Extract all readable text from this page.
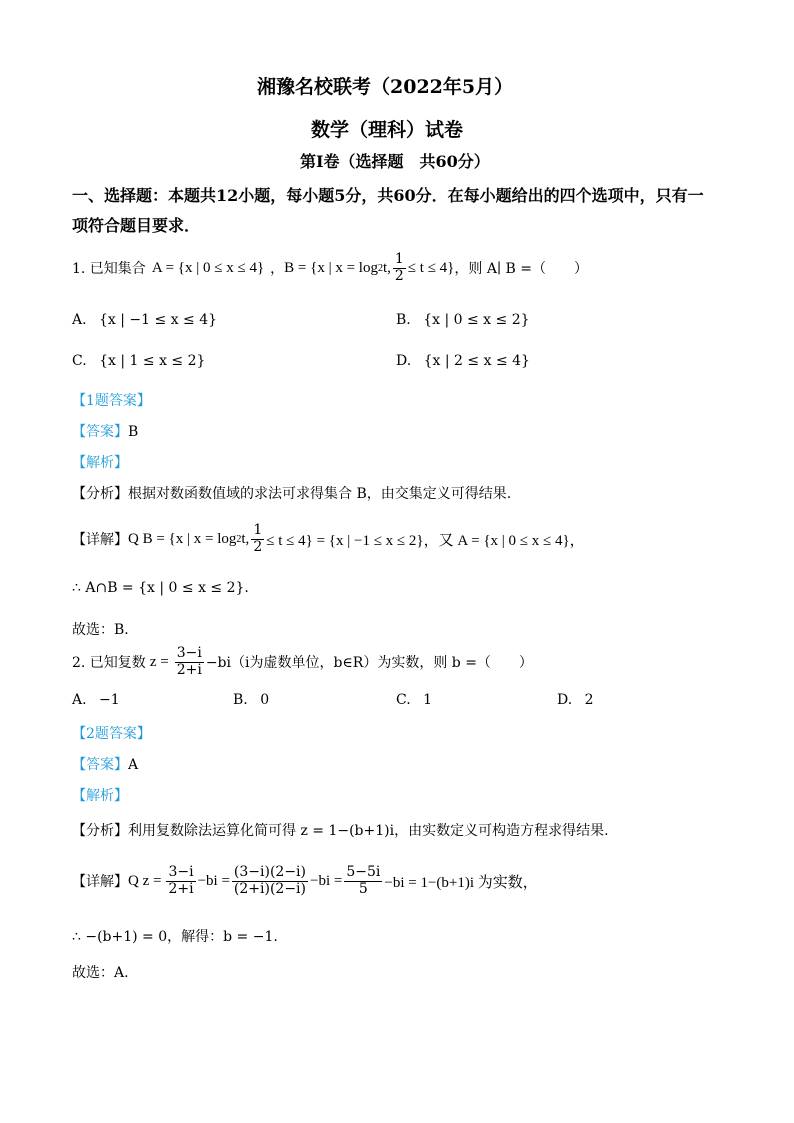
湘豫名校联考（2022年5月）
数学（理科）试卷
第Ⅰ卷（选择题　共60分）
一、选择题：本题共12小题，每小题5分，共60分．在每小题给出的四个选项中，只有一
项符合题目要求．
1. 已知集合 A = {x | 0 ≤ x ≤ 4} ， B = {x | x = log 2 t, $\frac{1}{2} \le t \le 4$} ，则 A∣ B =（　　）
A. {x | −1 ≤ x ≤ 4}	B. {x | 0 ≤ x ≤ 2}
C. {x | 1 ≤ x ≤ 2}	D. {x | 2 ≤ x ≤ 4}
【1题答案】
【答案】B
【解析】
【分析】根据对数函数值域的求法可求得集合 B，由交集定义可得结果.
【详解】 Q B = {x | x = log 2 t, $\frac{1}{2} \le t \le 4\} = \{x$ | −1 ≤ x ≤ 2}，又 A = {x | 0 ≤ x ≤ 4}，
∴ A∩B = {x | 0 ≤ x ≤ 2}.
故选：B.
2. 已知复数 $z = \frac{3-i}{2+i} -bi(i$为虚数单位，b∈R）为实数，则 b =（　　）
A. −1	B. 0	C. 1	D. 2
【2题答案】
【答案】A
【解析】
【分析】利用复数除法运算化简可得 z = 1−(b+1)i，由实数定义可构造方程求得结果.
【详解】 Q $z = \frac{3-i}{2+i} -bi = \frac{(3-i)(2-i)}{(2+i)(2-i)} -bi = \frac{5-5i}{5} -bi = 1-(b+1)i$ 为实数，
∴ −(b+1) = 0，解得：b = −1.
故选：A.
